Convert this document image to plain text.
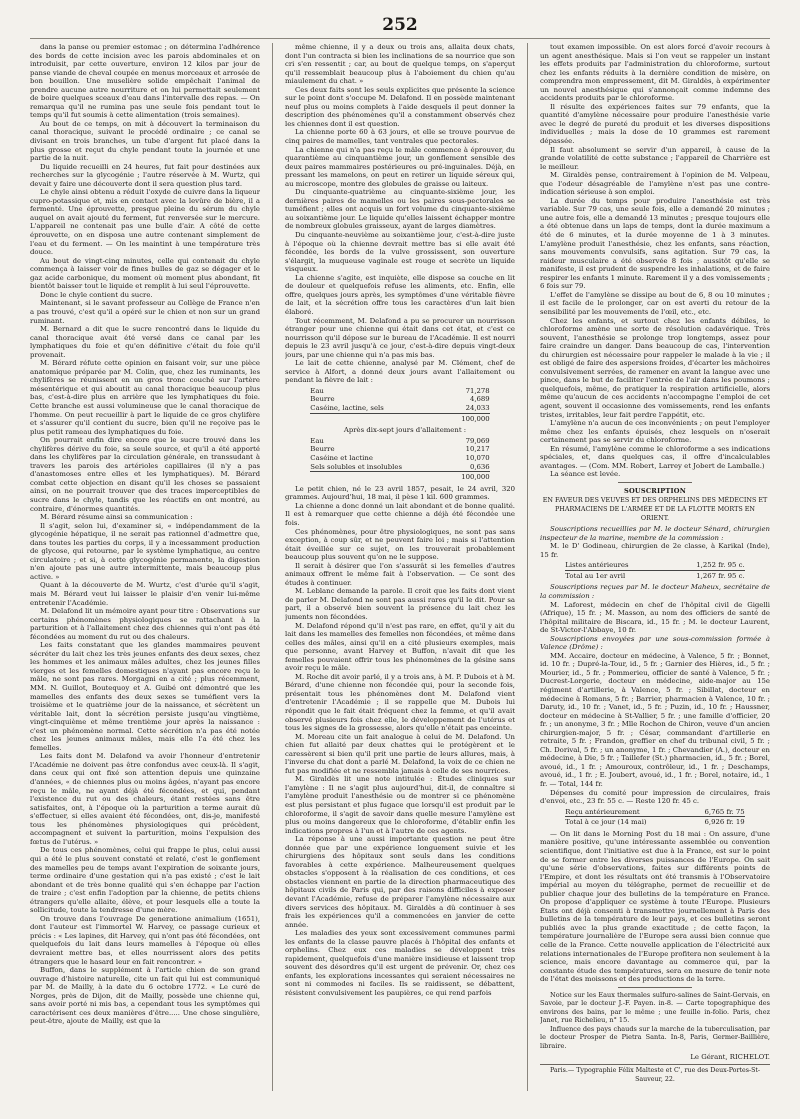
252

dans la panse ou premier estomac ; on détermina l'adhérence des bords de cette incision avec les parois abdominales et on introduisit, par cette ouverture, environ 12 kilos par jour de panse viande de cheval coupée en menus morceaux et arrosée de bon bouillon. Une muselière solide empêchait l'animal de prendre aucune autre nourriture et on lui permettait seulement de boire quelques sceaux d'eau dans l'intervalle des repas. — On remarqua qu'il ne rumina pas une seule fois pendant tout le temps qu'il fut soumis à cette alimentation (trois semaines).

Au bout de ce temps, on mit à découvert la terminaison du canal thoracique, suivant le procédé ordinaire ; ce canal se divisant en trois branches, un tube d'argent fut placé dans la plus grosse et reçut du chyle pendant toute la journée et une partie de la nuit.

Du liquide recueilli en 24 heures, fut fait pour destinées aux recherches sur la glycogénie ; l'autre réservée à M. Wurtz, qui devait y faire une découverte dont il sera question plus tard.

Le chyle ainsi obtenu a réduit l'oxyde de cuivre dans la liqueur cupro-potassique et, mis en contact avec la levûre de bière, il a fermenté. Une éprouvette, presque pleine du sérum du chyle auquel on avait ajouté du ferment, fut renversée sur le mercure. L'appareil ne contenait pas une bulle d'air. A côté de cette éprouvette, on en disposa une autre contenant simplement de l'eau et du ferment. — On les maintint à une température très douce.

Au bout de vingt-cinq minutes, celle qui contenait du chyle commença à laisser voir de fines bulles de gaz se dégager et le gaz acide carbonique, du moment où moment plus abondant, fit bientôt baisser tout le liquide et remplit à lui seul l'éprouvette.

Donc le chyle contient du sucre.

Maintenant, si le savant professeur au Collège de France n'en a pas trouvé, c'est qu'il a opéré sur le chien et non sur un grand ruminant.

M. Bernard a dit que le sucre rencontré dans le liquide du canal thoracique avait été versé dans ce canal par les lymphatiques du foie et qu'en définitive c'était du foie qu'il provenait.

M. Bérard réfute cette opinion en faisant voir, sur une pièce anatomique préparée par M. Colin, que, chez les ruminants, les chylifères se réunissent en un gros tronc couché sur l'artère mésentérique et qui aboutit au canal thoracique beaucoup plus bas, c'est-à-dire plus en arrière que les lymphatiques du foie. Cette branche est aussi volumineuse que le canal thoracique de l'homme. On peut recueillir à part le liquide de ce gros chylifère et s'assurer qu'il contient du sucre, bien qu'il ne reçoive pas le plus petit rameau des lymphatiques du foie.

On pourrait enfin dire encore que le sucre trouvé dans les chylifères dérive du foie, sa seule source, et qu'il a été apporté dans les chylifères par la circulation générale, en transsudant à travers les parois des artérioles capillaires (il n'y a pas d'anastomoses entre elles et les lymphatiques). M. Bérard combat cette objection en disant qu'il les choses se passaient ainsi, on ne pourrait trouver que des traces imperceptibles de sucre dans le chyle, tandis que les réactifs en ont montré, au contraire, d'énormes quantités.

M. Bérard résume ainsi sa communication :

Il s'agit, selon lui, d'examiner si, « indépendamment de la glycogénie hépatique, il ne serait pas rationnel d'admettre que, dans toutes les parties du corps, il y a incessamment production de glycose, qui retourne, par le système lymphatique, au centre circulatoire ; et si, à cette glycogénie permanente, la digestion n'en ajoute pas une autre intermittente, mais beaucoup plus active. »

Quant à la découverte de M. Wurtz, c'est d'urée qu'il s'agit, mais M. Bérard veut lui laisser le plaisir d'en venir lui-même entretenir l'Académie.

M. Delafond lit un mémoire ayant pour titre : Observations sur certains phénomènes physiologiques se rattachant à la parturition et à l'allaitement chez des chiennes qui n'ont pas été fécondées au moment du rut ou des chaleurs.

Les faits constatant que les glandes mammaires peuvent sécréter du lait chez les très jeunes enfants des deux sexes, chez les hommes et les animaux mâles adultes, chez les jeunes filles vierges et les femelles domestiques n'ayant pas encore reçu le mâle, ne sont pas rares. Morgagni en a cité ; plus récemment, MM. N. Guillot, Boutequoy et A. Guibé ont démontré que les mamelles des enfants des deux sexes se tuméfient vers la troisième et le quatrième jour de la naissance, et sécrètent un véritable lait, dont la sécrétion persiste jusqu'au vingtième, vingt-cinquième et même trentième jour après la naissance : c'est un phénomène normal. Cette sécrétion n'a pas été notée chez les jeunes animaux mâles, mais elle l'a été chez les femelles.

Les faits dont M. Delafond va avoir l'honneur d'entretenir l'Académie ne doivent pas être confondus avec ceux-là. Il s'agit, dans ceux qui ont fixé son attention depuis une quinzaine d'années, « de chiennes plus ou moins âgées, n'ayant pas encore reçu le mâle, ne ayant déjà été fécondées, et qui, pendant l'existence du rut ou des chaleurs, étant restées sans être satisfaites, ont, à l'époque où la parturition a terme aurait dû s'effectuer, si elles avaient été fécondées, ont, dis-je, manifesté tous les phénomènes physiologiques qui précèdent, accompagnent et suivent la parturition, moins l'expulsion des fœtus de l'utérus. »

De tous ces phénomènes, celui qui frappe le plus, celui aussi qui a été le plus souvent constaté et relaté, c'est le gonflement des mamelles peu de temps avant l'expiration de soixante jours, terme ordinaire d'une gestation qui n'a pas existé ; c'est le lait abondant et de très bonne qualité qui s'en échappe par l'action de traire ; c'est enfin l'adoption par la chienne, de petits chiens étrangers qu'elle allaite, élève, et pour lesquels elle a toute la sollicitude, toute la tendresse d'une mère.

On trouve dans l'ouvrage De generatione animalium (1651), dont l'auteur est l'immortel W. Harvey, ce passage curieux et précis : « Les lapines, dit Harvey, qui n'ont pas été fécondées, ont quelquefois du lait dans leurs mamelles à l'époque où elles devraient mettre bas, et elles nourrissent alors des petits étrangers que le hasard leur en fait rencontrer. »

Buffon, dans le supplément à l'article chien de son grand ouvrage d'histoire naturelle, cite un fait qui lui est communiqué par M. de Mailly, à la date du 6 octobre 1772. « Le curé de Norges, près de Dijon, dit de Mailly, possède une chienne qui, sans avoir porté ni mis bas, a cependant tous les symptômes qui caractérisent ces deux manières d'être..... Une chose singulière, peut-être, ajoute de Mailly, est que la

même chienne, il y a deux ou trois ans, allaita deux chats, dont l'un contracta si bien les inclinations de sa nourrice que son cri s'en ressentit ; car, au bout de quelque temps, on s'aperçut qu'il ressemblait beaucoup plus à l'aboiement du chien qu'au miaulement du chat. »

Ces deux faits sont les seuls explicites que présente la science sur le point dont s'occupe M. Delafond. Il en possède maintenant neuf plus ou moins complets à l'aide desquels il peut donner la description des phénomènes qu'il a constamment observés chez les chiennes dont il est question.

La chienne porte 60 à 63 jours, et elle se trouve pourvue de cinq paires de mamelles, tant ventrales que pectorales.

La chienne qui n'a pas reçu le mâle commence à éprouver, du quarantième au cinquantième jour, un gonflement sensible des deux paires mammaires postérieures ou pré-inguinales. Déjà, en pressant les mamelons, on peut en retirer un liquide séreux qui, au microscope, montre des globules de graisse ou laiteux.

Du cinquante-quatrième au cinquante-sixième jour, les dernières paires de mamelles ou les paires sous-pectorales se tuméfient ; elles ont acquis un fort volume du cinquante-sixième au soixantième jour. Le liquide qu'elles laissent échapper montre de nombreux globules graisseux, ayant de larges diamètres.

Du cinquante-neuvième au soixantième jour, c'est-à-dire juste à l'époque où la chienne devrait mettre bas si elle avait été fécondée, les bords de la vulve grossissent, son ouverture s'élargit, la muqueuse vaginale est rouge et secrète un liquide visqueux.

La chienne s'agite, est inquiète, elle dispose sa couche en lit de douleur et quelquefois refuse les aliments, etc. Enfin, elle offre, quelques jours après, les symptômes d'une véritable fièvre de lait, et la sécrétion offre tous les caractères d'un lait bien élaboré.

Tout récemment, M. Delafond a pu se procurer un nourrisson étranger pour une chienne qui était dans cet état, et c'est ce nourrisson qu'il dépose sur le bureau de l'Académie. Il est nourri depuis le 23 avril jusqu'à ce jour, c'est-à-dire depuis vingt-deux jours, par une chienne qui n'a pas mis bas.

Le lait de cette chienne, analysé par M. Clément, chef de service à Alfort, a donné deux jours avant l'allaitement ou pendant la fièvre de lait :

Eau	71,278
Beurre	4,689
Caséine, lactine, sels	24,033
	100,000

Après dix-sept jours d'allaitement :

Eau	79,069
Beurre	10,217
Caséine et lactine	10,070
Sels solubles et insolubles	0,636
	100,000

Le petit chien, né le 23 avril 1857, pesait, le 24 avril, 320 grammes. Aujourd'hui, 18 mai, il pèse 1 kil. 600 grammes.

La chienne a donc donné un lait abondant et de bonne qualité. Il est à remarquer que cette chienne a déjà été fécondée une fois.

Ces phénomènes, pour être physiologiques, ne sont pas sans exception, à coup sûr, et ne peuvent faire loi ; mais si l'attention était éveillée sur ce sujet, on les trouverait probablement beaucoup plus souvent qu'on ne le suppose.

Il serait à désirer que l'on s'assurât si les femelles d'autres animaux offrent le même fait à l'observation. — Ce sont des études à continuer.

M. Leblanc demande la parole. Il croit que les faits dont vient de parler M. Delafond ne sont pas aussi rares qu'il le dit. Pour sa part, il a observé bien souvent la présence du lait chez les juments non fécondées.

M. Delafond répond qu'il n'est pas rare, en effet, qu'il y ait du lait dans les mamelles des femelles non fécondées, et même dans celles des mâles, ainsi qu'il en a cité plusieurs exemples, mais que personne, avant Harvey et Buffon, n'avait dit que les femelles pouvaient offrir tous les phénomènes de la gésine sans avoir reçu le mâle.

M. Roche dit avoir parlé, il y a trois ans, à M. P. Dubois et à M. Bérard, d'une chienne non fécondée qui, pour la seconde fois, présentait tous les phénomènes dont M. Delafond vient d'entretenir l'Académie ; il se rappelle que M. Dubois lui répondit que le fait était fréquent chez la femme, et qu'il avait observé plusieurs fois chez elle, le développement de l'utérus et tous les signes de la grossesse, alors qu'elle n'était pas enceinte.

M. Moreau cite un fait analogue à celui de M. Delafond. Un chien fut allaité par deux chattes qui le protégèrent et le caressèrent si bien qu'il prit une partie de leurs allures, mais, à l'inverse du chat dont a parlé M. Delafond, la voix de ce chien ne fut pas modifiée et ne ressembla jamais à celle de ses nourrices.

M. Giraldès lit une note intitulée : Études cliniques sur l'amylène : Il ne s'agit plus aujourd'hui, dit-il, de connaître si l'amylène produit l'anesthésie ou de montrer si ce phénomène est plus persistant et plus fugace que lorsqu'il est produit par le chloroforme, il s'agit de savoir dans quelle mesure l'amylène est plus ou moins dangereux que le chloroforme, d'établir enfin les indications propres à l'un et à l'autre de ces agents.

La réponse à une aussi importante question ne peut être donnée que par une expérience longuement suivie et les chirurgiens des hôpitaux sont seuls dans les conditions favorables à cette expérience. Malheureusement quelques obstacles s'opposent à la réalisation de ces conditions, et ces obstacles viennent en partie de la direction pharmaceutique des hôpitaux civils de Paris qui, par des raisons difficiles à exposer devant l'Académie, refuse de préparer l'amylène nécessaire aux divers services des hôpitaux. M. Giraldès a dû continuer à ses frais les expériences qu'il a commencées en janvier de cette année.

Les maladies des yeux sont excessivement communes parmi les enfants de la classe pauvre placés à l'hôpital des enfants et orphelins. Chez eux ces maladies se développent très rapidement, quelquefois d'une manière insidieuse et laissent trop souvent des désordres qu'il est urgent de prévenir. Or, chez ces enfants, les explorations incessantes qui seraient nécessaires ne sont ni commodes ni faciles. Ils se raidissent, se débattent, résistent convulsivement les paupières, ce qui rend parfois

tout examen impossible. On est alors forcé d'avoir recours à un agent anesthésique. Mais si l'on veut se rappeler un instant les effets produits par l'administration du chloroforme, surtout chez les enfants réduits à la dernière condition de misère, on comprendra mon empressement, dit M. Giraldès, à expérimenter un nouvel anesthésique qui s'annonçait comme indemne des accidents produits par le chloroforme.

Il résulte des expériences faites sur 79 enfants, que la quantité d'amylène nécessaire pour produire l'anesthésie varie avec le degré de pureté du produit et les diverses dispositions individuelles ; mais la dose de 10 grammes est rarement dépassée.

Il faut absolument se servir d'un appareil, à cause de la grande volatilité de cette substance ; l'appareil de Charrière est le meilleur.

M. Giraldès pense, contrairement à l'opinion de M. Velpeau, que l'odeur désagréable de l'amylène n'est pas une contre-indication sérieuse à son emploi.

La durée du temps pour produire l'anesthésie est très variable. Sur 79 cas, une seule fois, elle a demandé 20 minutes ; une autre fois, elle a demandé 13 minutes ; presque toujours elle a été obtenue dans un laps de temps, dont la durée maximum a été de 6 minutes, et la durée moyenne de 1 à 3 minutes. L'amylène produit l'anesthésie, chez les enfants, sans réaction, sans mouvements convulsifs, sans agitation. Sur 79 cas, la raideur musculaire a été observée 8 fois ; aussitôt qu'elle se manifeste, il est prudent de suspendre les inhalations, et de faire respirer les enfants 1 minute. Rarement il y a des vomissements ; 6 fois sur 79.

L'effet de l'amylène se dissipe au bout de 6, 8 ou 10 minutes ; il est facile de le prolonger, car on est averti du retour de la sensibilité par les mouvements de l'œil, etc., etc.

Chez les enfants, et surtout chez les enfants débiles, le chloroforme amène une sorte de résolution cadavérique. Très souvent, l'anesthésie se prolonge trop longtemps, assez pour faire craindre un danger. Dans beaucoup de cas, l'intervention du chirurgien est nécessaire pour rappeler le malade à la vie ; il est obligé de faire des aspersions froides, d'écarter les mâchoires convulsivement serrées, de ramener en avant la langue avec une pince, dans le but de faciliter l'entrée de l'air dans les poumons ; quelquefois, même, de pratiquer la respiration artificielle, alors même qu'aucun de ces accidents n'accompagne l'emploi de cet agent, souvent il occasionne des vomissements, rend les enfants tristes, irritables, leur fait perdre l'appétit, etc.

L'amylène n'a aucun de ces inconvénients ; on peut l'employer même chez les enfants épuisés, chez lesquels on n'oserait certainement pas se servir du chloroforme.

En résumé, l'amylène comme le chloroforme a ses indications spéciales, et, dans quelques cas, il offre d'incalculables avantages. — (Com. MM. Robert, Larrey et Jobert de Lamballe.)

La séance est levée.

SOUSCRIPTION
EN FAVEUR DES VEUVES ET DES ORPHELINS DES MÉDECINS ET PHARMACIENS DE L'ARMÉE ET DE LA FLOTTE MORTS EN ORIENT.

Souscriptions recueillies par M. le docteur Sénard, chirurgien inspecteur de la marine, membre de la commission :

M. le D' Godineau, chirurgien de 2e classe, à Karikal (Inde), 15 fr.

Listes antérieures	1,252 fr. 95 c.
Total au 1er avril	1,267 fr. 95 c.

Souscriptions reçues par M. le docteur Maheux, secrétaire de la commission :

M. Laforest, médecin en chef de l'hôpital civil de Gigelli (Afrique), 15 fr. ; M. Masson, au nom des officiers de santé de l'hôpital militaire de Biscara, id., 15 fr. ; M. le docteur Laurent, de St-Victor-l'Abbaye, 10 fr.

Souscriptions envoyées par une sous-commission formée à Valence (Drôme) :

MM. Accaire, docteur en médecine, à Valence, 5 fr. ; Bonnet, id. 10 fr. ; Dupré-la-Tour, id., 5 fr. ; Garnier des Hières, id., 5 fr. ; Mourier, id., 5 fr. ; Pommerieu, officier de santé à Valence, 5 fr. ; Ducrest-Lorgerie, docteur en médecine, aide-major au 15e régiment d'artillerie, à Valence, 5 fr. ; Sibillat, docteur en médecine à Romans, 5 fr. ; Barrier, pharmacien à Valence, 10 fr. ; Daruty, id., 10 fr. ; Vanet, id., 5 fr. ; Puzin, id., 10 fr. ; Haussner, docteur en médecine à St-Vallier, 5 fr. ; une famille d'officier, 20 fr. ; un anonyme, 3 fr. ; Mlle Rochon de Chiron, veuve d'un ancien chirurgien-major, 5 fr. ; César, commandant d'artillerie en retraite, 5 fr. ; Frandon, greffier en chef du tribunal civil, 5 fr. ; Ch. Dorival, 5 fr. ; un anonyme, 1 fr. ; Chevandier (A.), docteur en médecine, à Die, 5 fr. ; Taillefer (St.) pharmacien, id., 5 fr. ; Borel, avoué, id., 1 fr. ; Amouroux, contrôleur, id., 1 fr. ; Deschamps, avoué, id., 1 fr. ; E. Joubert, avoué, id., 1 fr. ; Borel, notaire, id., 1 fr. — Total, 144 fr.

Dépenses du comité pour impression de circulaires, frais d'envoi, etc., 23 fr. 55 c. — Reste 120 fr. 45 c.

Reçu antérieurement	6,765 fr. 75
Total à ce jour (14 mai)	6,926 fr. 19

— On lit dans le Morning Post du 18 mai : On assure, d'une manière positive, qu'une intéressante assemblée ou convention scientifique, dont l'initiative est due à la France, est sur le point de se former entre les diverses puissances de l'Europe. On sait qu'une série d'observations, faites sur différents points de l'Empire, et dont les résultats ont été transmis à l'Observatoire impérial au moyen du télégraphe, permet de recueillir et de publier chaque jour des bulletins de la température en France. On propose d'appliquer ce système à toute l'Europe. Plusieurs États ont déjà consenti à transmettre journellement à Paris des bulletins de la température de leur pays, et ces bulletins seront publiés avec la plus grande exactitude ; de cette façon, la température journalière de l'Europe sera aussi bien connue que celle de la France. Cette nouvelle application de l'électricité aux relations internationales de l'Europe profitera non seulement à la science, mais encore davantage au commerce qui, par la constante étude des températures, sera en mesure de tenir note de l'état des moissons et des productions de la terre.

Notice sur les Eaux thermales sulfuro-salines de Saint-Gervais, en Savoie, par le docteur J.-F. Payen. in-8. — Carte topographique des environs des bains, par le même ; une feuille in-folio. Paris, chez Janet, rue Richelieu, n° 15.

Influence des pays chauds sur la marche de la tuberculisation, par le docteur Prosper de Pietra Santa. In-8, Paris, Germer-Baillière, libraire.

Le Gérant, RICHELOT.
Paris.— Typographie Félix Malteste et C', rue des Deux-Portes-St-Sauveur, 22.
